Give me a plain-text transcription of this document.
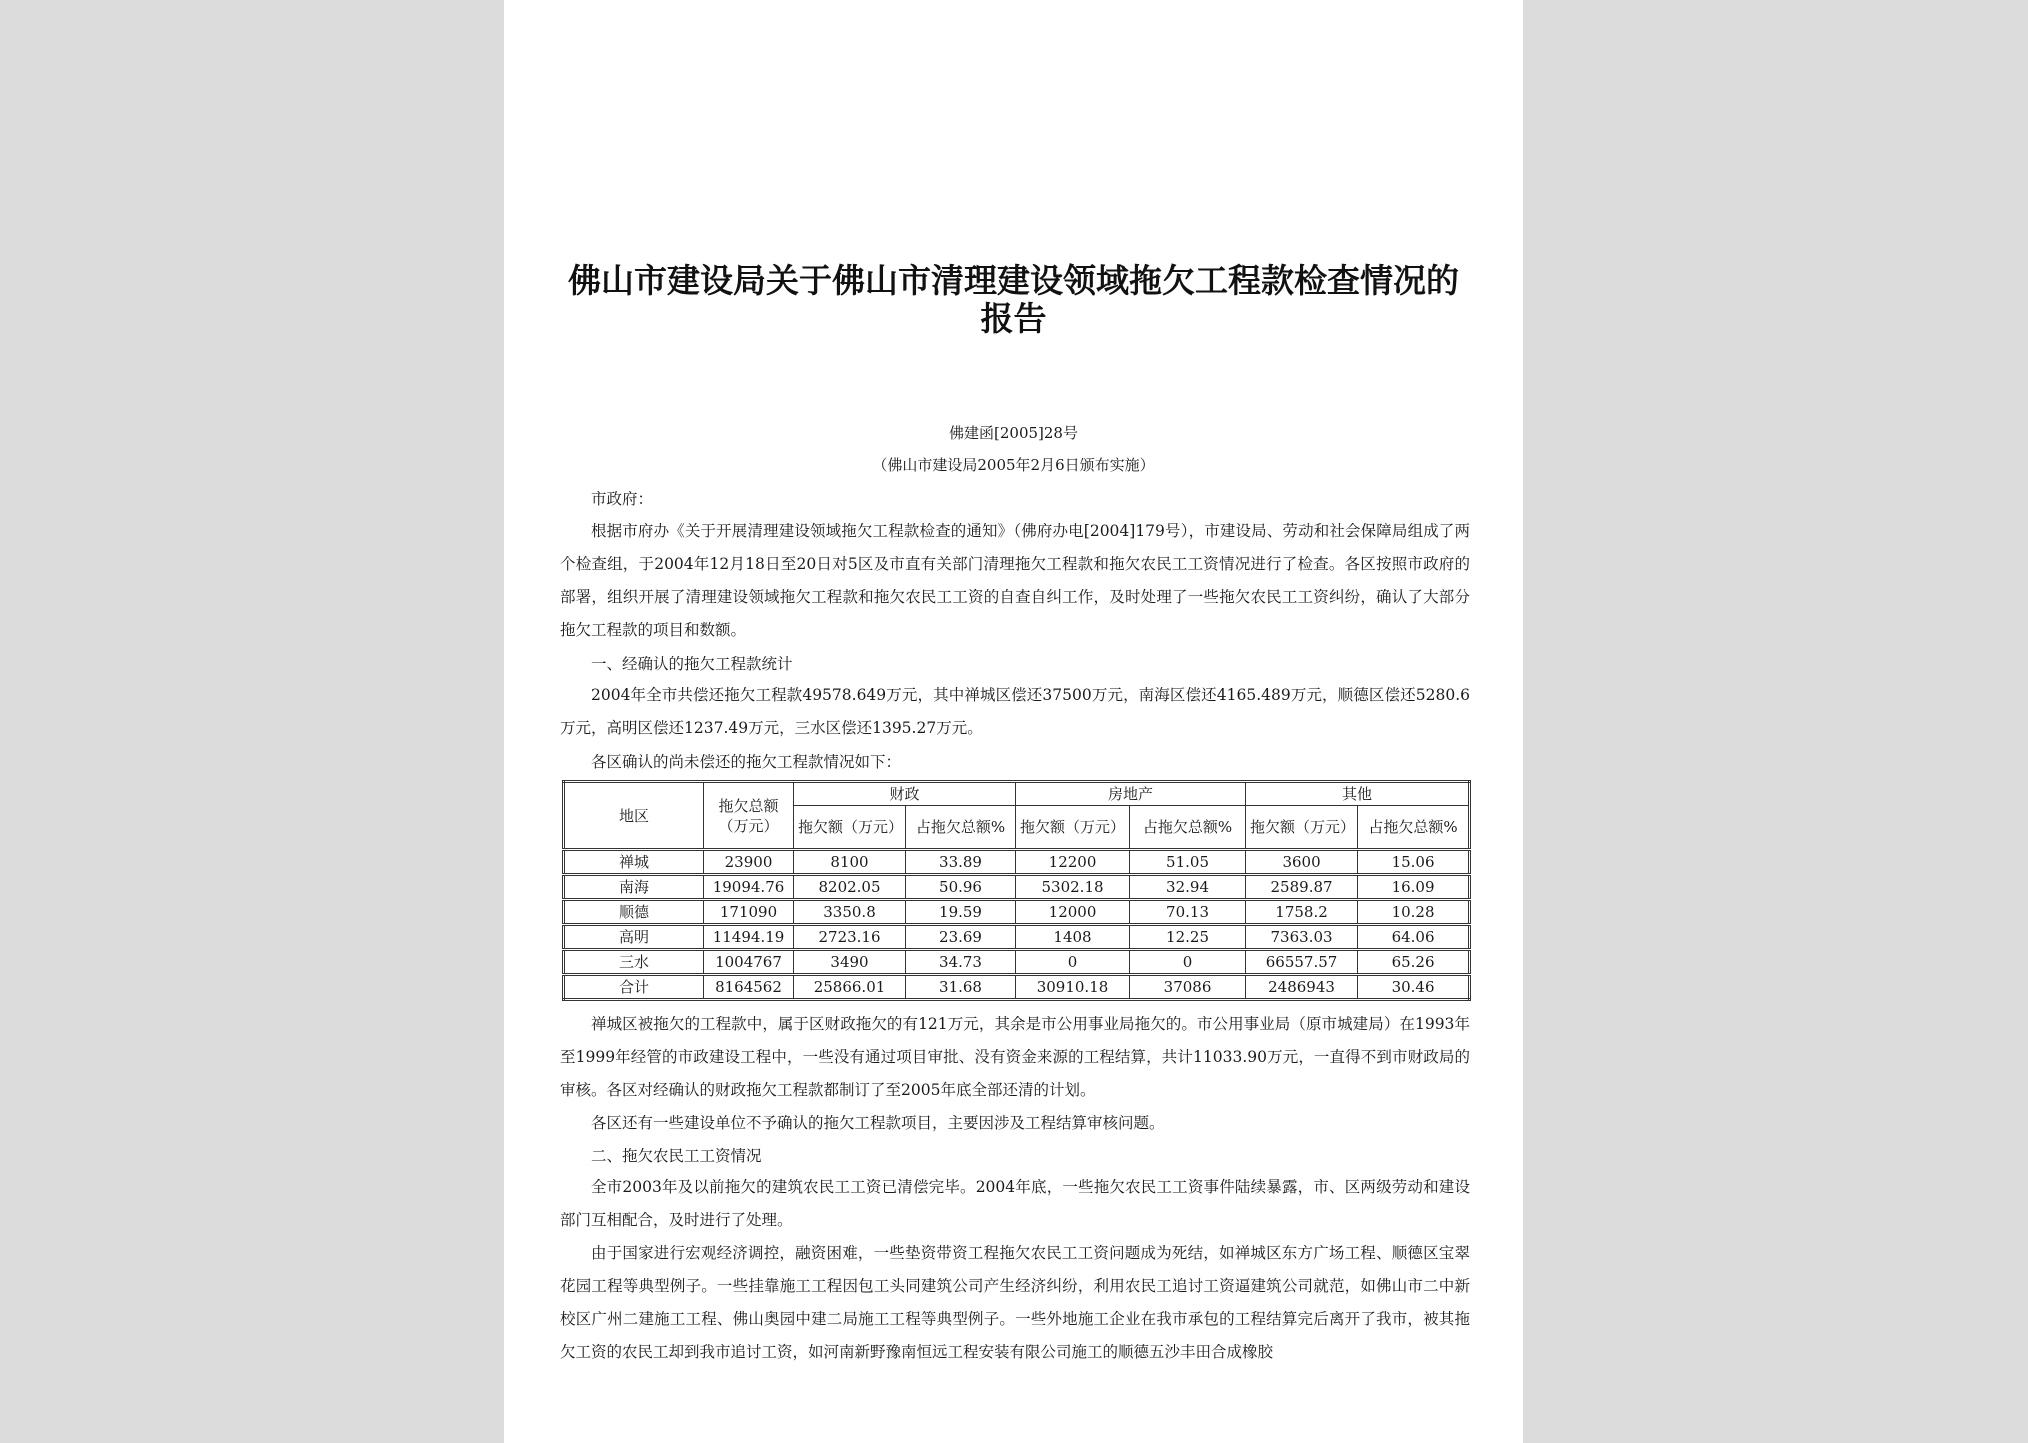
佛山市建设局关于佛山市清理建设领域拖欠工程款检查情况的报告
佛建函[2005]28号
（佛山市建设局2005年2月6日颁布实施）
市政府：

根据市府办《关于开展清理建设领域拖欠工程款检查的通知》（佛府办电[2004]179号），市建设局、劳动和社会保障局组成了两个检查组，于2004年12月18日至20日对5区及市直有关部门清理拖欠工程款和拖欠农民工工资情况进行了检查。各区按照市政府的部署，组织开展了清理建设领域拖欠工程款和拖欠农民工工资的自查自纠工作，及时处理了一些拖欠农民工工资纠纷，确认了大部分拖欠工程款的项目和数额。

一、经确认的拖欠工程款统计

2004年全市共偿还拖欠工程款49578.649万元，其中禅城区偿还37500万元，南海区偿还4165.489万元，顺德区偿还5280.6万元，高明区偿还1237.49万元，三水区偿还1395.27万元。

各区确认的尚未偿还的拖欠工程款情况如下：
地区	拖欠总额（万元）	财政		房地产		其他	
		拖欠额（万元）	占拖欠总额%	拖欠额（万元）	占拖欠总额%	拖欠额（万元）	占拖欠总额%
禅城	23900	8100	33.89	12200	51.05	3600	15.06
南海	19094.76	8202.05	50.96	5302.18	32.94	2589.87	16.09
顺德	171090	3350.8	19.59	12000	70.13	1758.2	10.28
高明	11494.19	2723.16	23.69	1408	12.25	7363.03	64.06
三水	1004767	3490	34.73	0	0	66557.57	65.26
合计	8164562	25866.01	31.68	30910.18	37086	2486943	30.46

禅城区被拖欠的工程款中，属于区财政拖欠的有121万元，其余是市公用事业局拖欠的。市公用事业局（原市城建局）在1993年至1999年经管的市政建设工程中，一些没有通过项目审批、没有资金来源的工程结算，共计11033.90万元，一直得不到市财政局的审核。各区对经确认的财政拖欠工程款都制订了至2005年底全部还清的计划。

各区还有一些建设单位不予确认的拖欠工程款项目，主要因涉及工程结算审核问题。

二、拖欠农民工工资情况

全市2003年及以前拖欠的建筑农民工工资已清偿完毕。2004年底，一些拖欠农民工工资事件陆续暴露，市、区两级劳动和建设部门互相配合，及时进行了处理。

由于国家进行宏观经济调控，融资困难，一些垫资带资工程拖欠农民工工资问题成为死结，如禅城区东方广场工程、顺德区宝翠花园工程等典型例子。一些挂靠施工工程因包工头同建筑公司产生经济纠纷，利用农民工追讨工资逼建筑公司就范，如佛山市二中新校区广州二建施工工程、佛山奥园中建二局施工工程等典型例子。一些外地施工企业在我市承包的工程结算完后离开了我市，被其拖欠工资的农民工却到我市追讨工资，如河南新野豫南恒远工程安装有限公司施工的顺德五沙丰田合成橡胶
